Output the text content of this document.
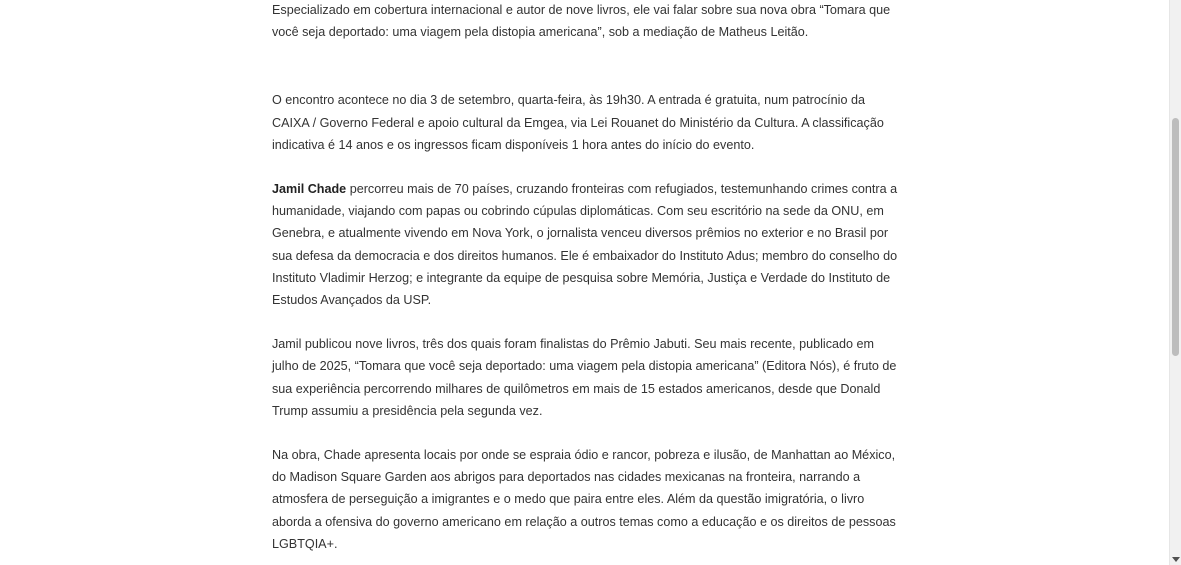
Especializado em cobertura internacional e autor de nove livros, ele vai falar sobre sua nova obra “Tomara que você seja deportado: uma viagem pela distopia americana”, sob a mediação de Matheus Leitão.

O encontro acontece no dia 3 de setembro, quarta-feira, às 19h30. A entrada é gratuita, num patrocínio da CAIXA / Governo Federal e apoio cultural da Emgea, via Lei Rouanet do Ministério da Cultura. A classificação indicativa é 14 anos e os ingressos ficam disponíveis 1 hora antes do início do evento.

Jamil Chade percorreu mais de 70 países, cruzando fronteiras com refugiados, testemunhando crimes contra a humanidade, viajando com papas ou cobrindo cúpulas diplomáticas. Com seu escritório na sede da ONU, em Genebra, e atualmente vivendo em Nova York, o jornalista venceu diversos prêmios no exterior e no Brasil por sua defesa da democracia e dos direitos humanos. Ele é embaixador do Instituto Adus; membro do conselho do Instituto Vladimir Herzog; e integrante da equipe de pesquisa sobre Memória, Justiça e Verdade do Instituto de Estudos Avançados da USP.

Jamil publicou nove livros, três dos quais foram finalistas do Prêmio Jabuti. Seu mais recente, publicado em julho de 2025, “Tomara que você seja deportado: uma viagem pela distopia americana” (Editora Nós), é fruto de sua experiência percorrendo milhares de quilômetros em mais de 15 estados americanos, desde que Donald Trump assumiu a presidência pela segunda vez.

Na obra, Chade apresenta locais por onde se espraia ódio e rancor, pobreza e ilusão, de Manhattan ao México, do Madison Square Garden aos abrigos para deportados nas cidades mexicanas na fronteira, narrando a atmosfera de perseguição a imigrantes e o medo que paira entre eles. Além da questão imigratória, o livro aborda a ofensiva do governo americano em relação a outros temas como a educação e os direitos de pessoas LGBTQIA+.
